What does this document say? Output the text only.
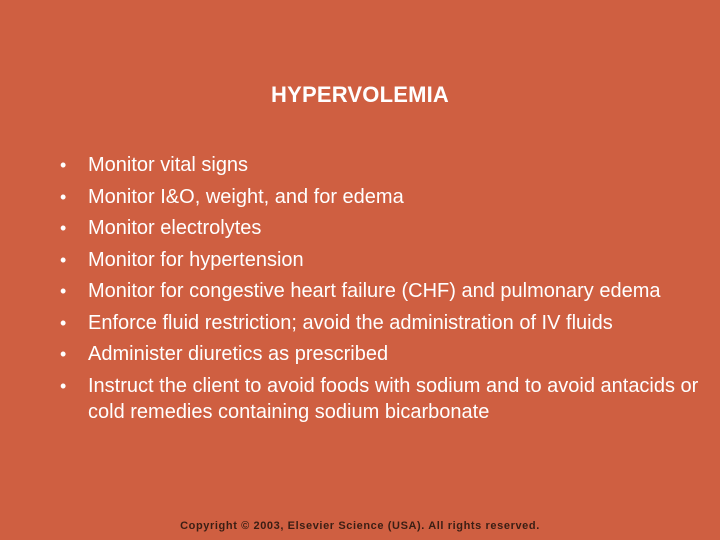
HYPERVOLEMIA
•
Monitor vital signs
•
Monitor I&O, weight, and for edema
•
Monitor electrolytes
•
Monitor for hypertension
•
Monitor for congestive heart failure (CHF) and pulmonary edema
•
Enforce fluid restriction; avoid the administration of IV fluids
•
Administer diuretics as prescribed
•
Instruct the client to avoid foods with sodium and to avoid antacids or cold remedies containing sodium bicarbonate
Copyright © 2003, Elsevier Science (USA). All rights reserved.
